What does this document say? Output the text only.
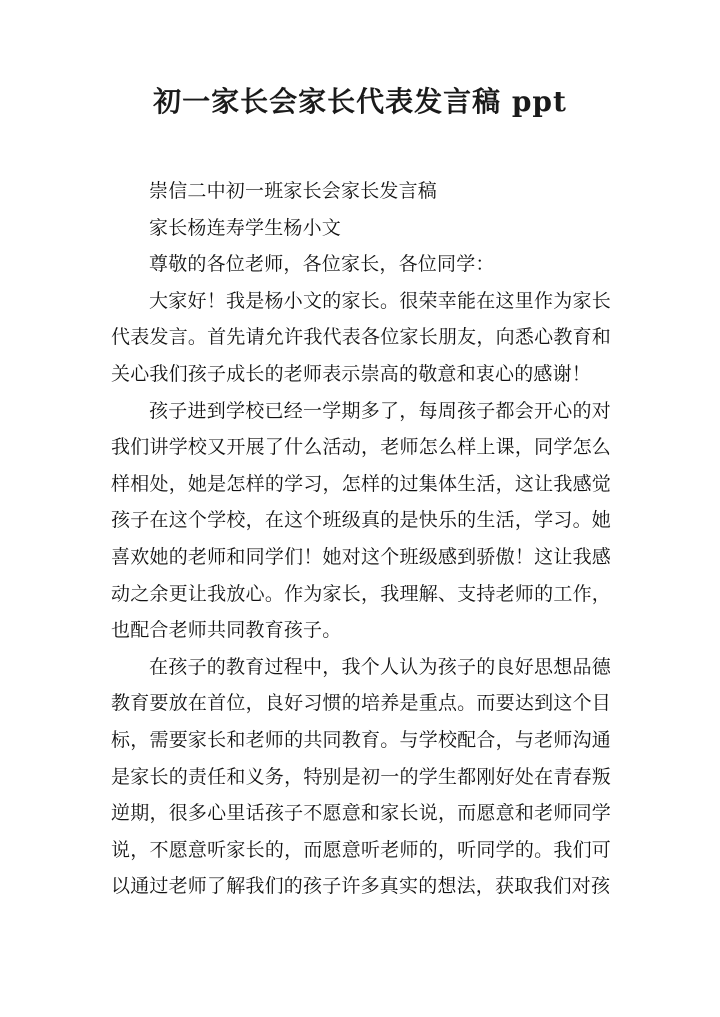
初一家长会家长代表发言稿 ppt

崇信二中初一班家长会家长发言稿

家长杨连寿学生杨小文

尊敬的各位老师，各位家长，各位同学：

大家好！我是杨小文的家长。很荣幸能在这里作为家长代表发言。首先请允许我代表各位家长朋友，向悉心教育和关心我们孩子成长的老师表示崇高的敬意和衷心的感谢！

孩子进到学校已经一学期多了，每周孩子都会开心的对我们讲学校又开展了什么活动，老师怎么样上课，同学怎么样相处，她是怎样的学习，怎样的过集体生活，这让我感觉孩子在这个学校，在这个班级真的是快乐的生活，学习。她喜欢她的老师和同学们！她对这个班级感到骄傲！这让我感动之余更让我放心。作为家长，我理解、支持老师的工作，也配合老师共同教育孩子。

在孩子的教育过程中，我个人认为孩子的良好思想品德教育要放在首位，良好习惯的培养是重点。而要达到这个目标，需要家长和老师的共同教育。与学校配合，与老师沟通是家长的责任和义务，特别是初一的学生都刚好处在青春叛逆期，很多心里话孩子不愿意和家长说，而愿意和老师同学说，不愿意听家长的，而愿意听老师的，听同学的。我们可以通过老师了解我们的孩子许多真实的想法，获取我们对孩
